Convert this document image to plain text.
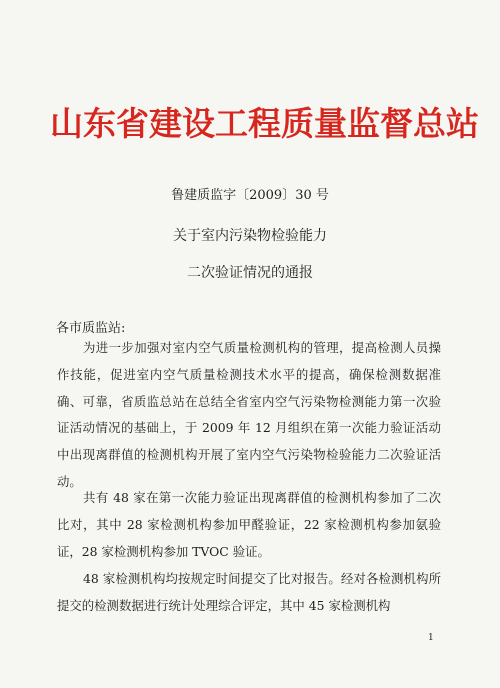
山东省建设工程质量监督总站
鲁建质监字〔2009〕30 号
关于室内污染物检验能力
二次验证情况的通报
各市质监站:

为进一步加强对室内空气质量检测机构的管理，提高检测人员操作技能，促进室内空气质量检测技术水平的提高，确保检测数据准确、可靠，省质监总站在总结全省室内空气污染物检测能力第一次验证活动情况的基础上，于 2009 年 12 月组织在第一次能力验证活动中出现离群值的检测机构开展了室内空气污染物检验能力二次验证活动。

共有 48 家在第一次能力验证出现离群值的检测机构参加了二次比对，其中 28 家检测机构参加甲醛验证，22 家检测机构参加氨验证，28 家检测机构参加 TVOC 验证。

48 家检测机构均按规定时间提交了比对报告。经对各检测机构所提交的检测数据进行统计处理综合评定，其中 45 家检测机构

1
